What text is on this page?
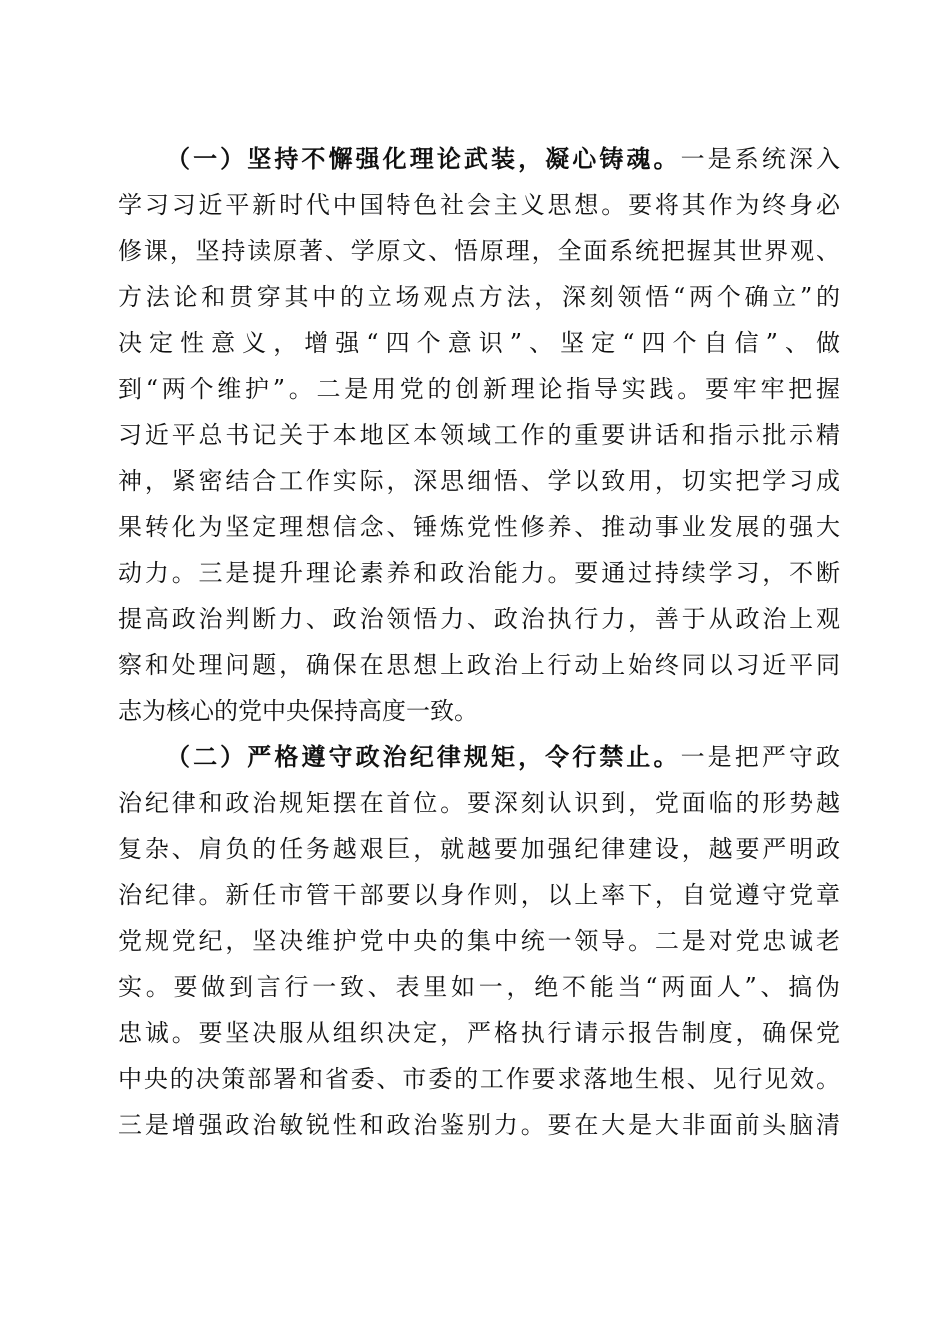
（一）坚持不懈强化理论武装，凝心铸魂。一是系统深入
学习习近平新时代中国特色社会主义思想。要将其作为终身必
修课，坚持读原著、学原文、悟原理，全面系统把握其世界观、
方法论和贯穿其中的立场观点方法，深刻领悟“两个确立”的
决定性意义，增强“四个意识”、坚定“四个自信”、做
到“两个维护”。二是用党的创新理论指导实践。要牢牢把握
习近平总书记关于本地区本领域工作的重要讲话和指示批示精
神，紧密结合工作实际，深思细悟、学以致用，切实把学习成
果转化为坚定理想信念、锤炼党性修养、推动事业发展的强大
动力。三是提升理论素养和政治能力。要通过持续学习，不断
提高政治判断力、政治领悟力、政治执行力，善于从政治上观
察和处理问题，确保在思想上政治上行动上始终同以习近平同
志为核心的党中央保持高度一致。
（二）严格遵守政治纪律规矩，令行禁止。一是把严守政
治纪律和政治规矩摆在首位。要深刻认识到，党面临的形势越
复杂、肩负的任务越艰巨，就越要加强纪律建设，越要严明政
治纪律。新任市管干部要以身作则，以上率下，自觉遵守党章
党规党纪，坚决维护党中央的集中统一领导。二是对党忠诚老
实。要做到言行一致、表里如一，绝不能当“两面人”、搞伪
忠诚。要坚决服从组织决定，严格执行请示报告制度，确保党
中央的决策部署和省委、市委的工作要求落地生根、见行见效。
三是增强政治敏锐性和政治鉴别力。要在大是大非面前头脑清
